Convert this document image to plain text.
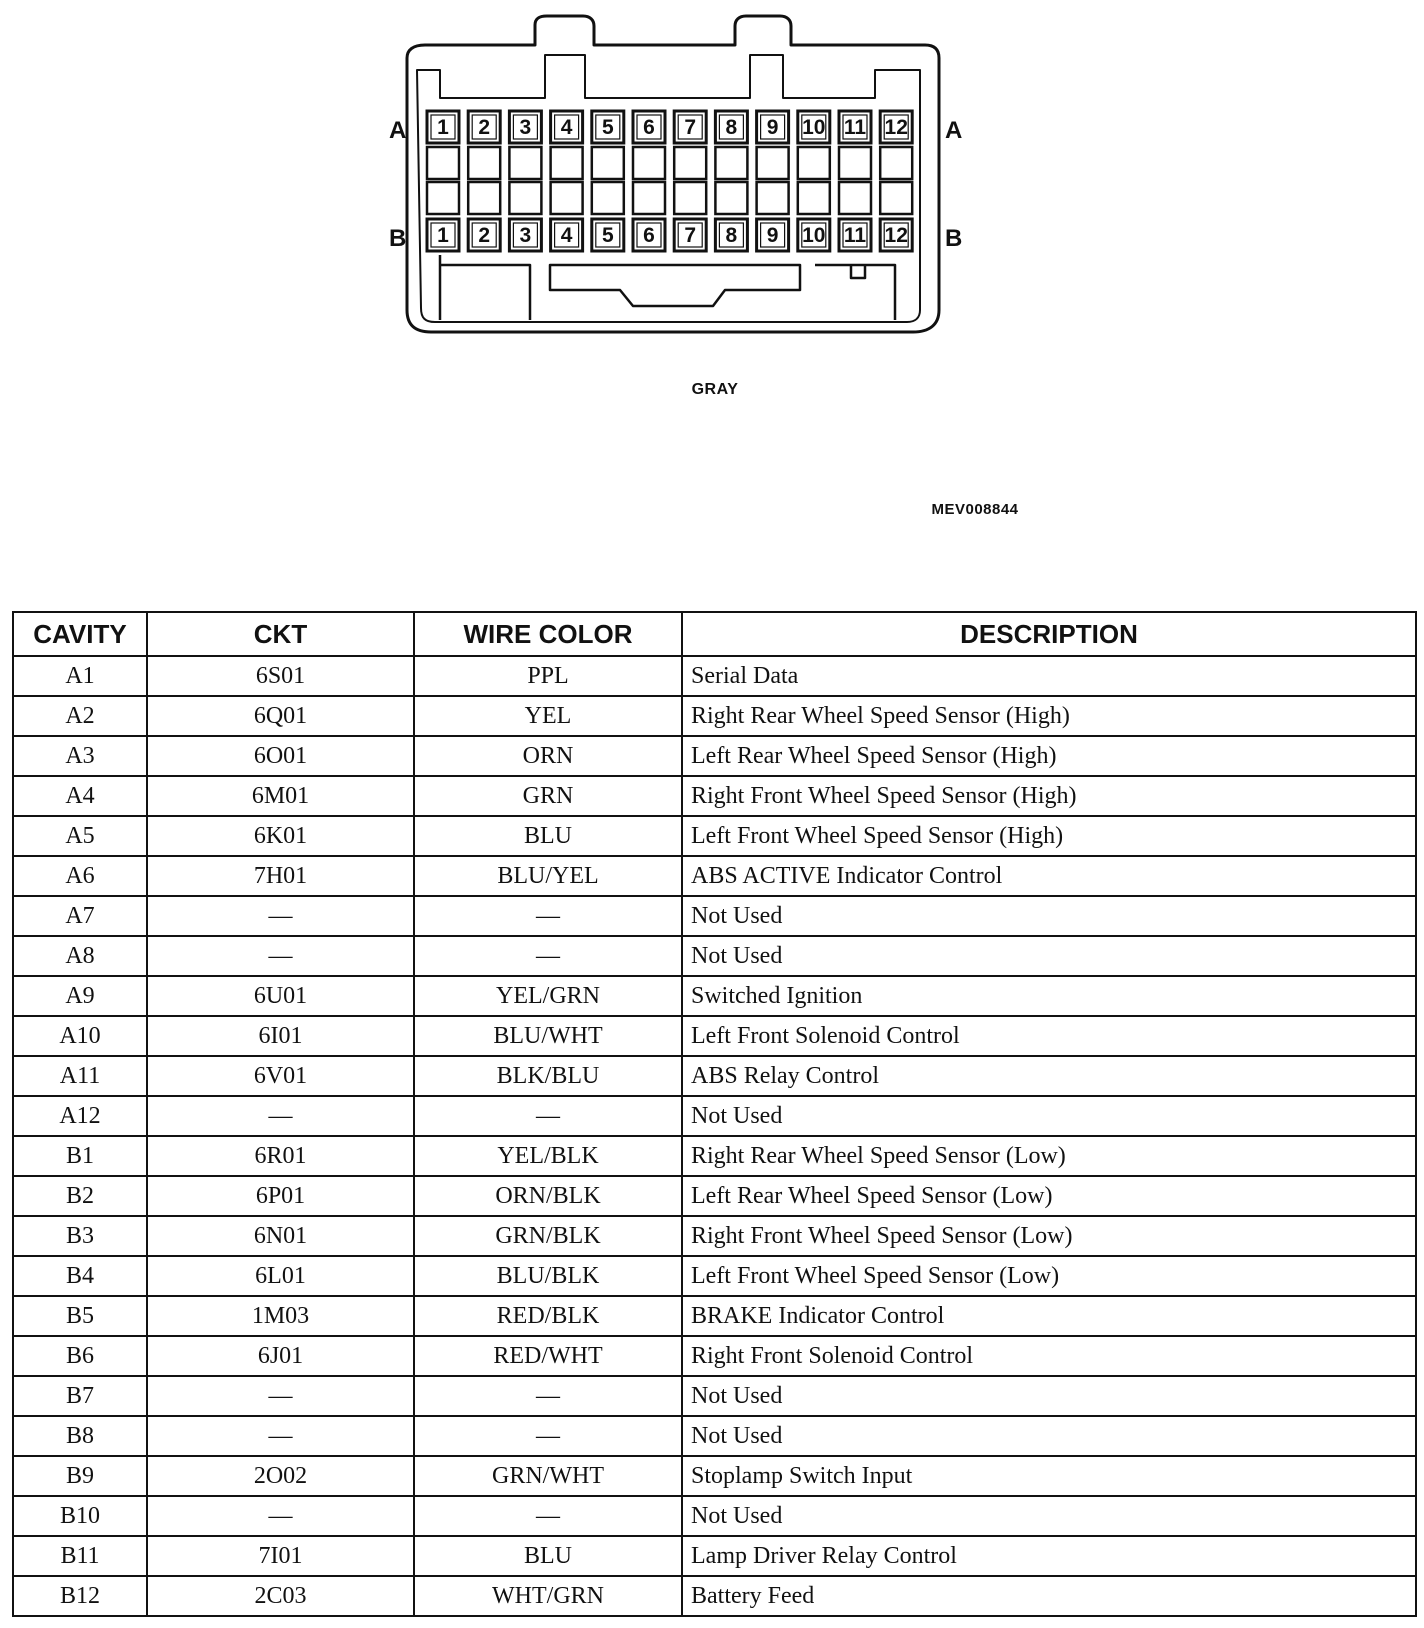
1 2 3 4 5 6 7 8 9 10 11 12
1 2 3 4 5 6 7 8 9 10 11 12
A	A
B	B
GRAY
MEV008844
CAVITY	CKT	WIRE COLOR	DESCRIPTION
A1	6S01	PPL	Serial Data
A2	6Q01	YEL	Right Rear Wheel Speed Sensor (High)
A3	6O01	ORN	Left Rear Wheel Speed Sensor (High)
A4	6M01	GRN	Right Front Wheel Speed Sensor (High)
A5	6K01	BLU	Left Front Wheel Speed Sensor (High)
A6	7H01	BLU/YEL	ABS ACTIVE Indicator Control
A7	—	—	Not Used
A8	—	—	Not Used
A9	6U01	YEL/GRN	Switched Ignition
A10	6I01	BLU/WHT	Left Front Solenoid Control
A11	6V01	BLK/BLU	ABS Relay Control
A12	—	—	Not Used
B1	6R01	YEL/BLK	Right Rear Wheel Speed Sensor (Low)
B2	6P01	ORN/BLK	Left Rear Wheel Speed Sensor (Low)
B3	6N01	GRN/BLK	Right Front Wheel Speed Sensor (Low)
B4	6L01	BLU/BLK	Left Front Wheel Speed Sensor (Low)
B5	1M03	RED/BLK	BRAKE Indicator Control
B6	6J01	RED/WHT	Right Front Solenoid Control
B7	—	—	Not Used
B8	—	—	Not Used
B9	2O02	GRN/WHT	Stoplamp Switch Input
B10	—	—	Not Used
B11	7I01	BLU	Lamp Driver Relay Control
B12	2C03	WHT/GRN	Battery Feed
